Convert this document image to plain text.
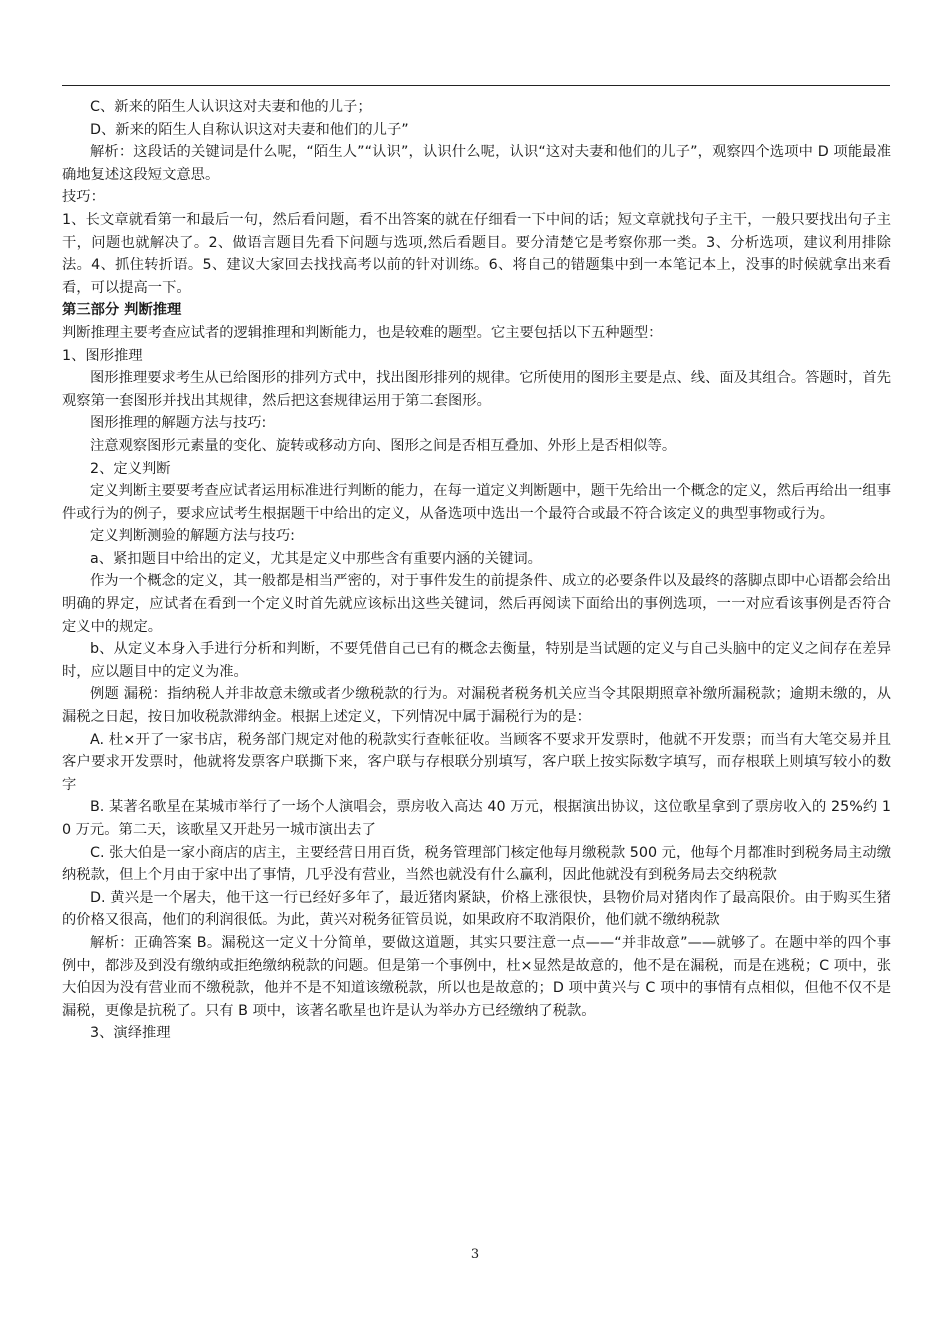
C、新来的陌生人认识这对夫妻和他的儿子；

D、新来的陌生人自称认识这对夫妻和他们的儿子”

解析：这段话的关键词是什么呢，“陌生人”“认识”，认识什么呢，认识“这对夫妻和他们的儿子”，观察四个选项中 D 项能最准确地复述这段短文意思。

技巧：

1、长文章就看第一和最后一句，然后看问题，看不出答案的就在仔细看一下中间的话；短文章就找句子主干，一般只要找出句子主干，问题也就解决了。2、做语言题目先看下问题与选项,然后看题目。要分清楚它是考察你那一类。3、分析选项，建议利用排除法。4、抓住转折语。5、建议大家回去找找高考以前的针对训练。6、将自己的错题集中到一本笔记本上，没事的时候就拿出来看看，可以提高一下。

第三部分 判断推理

判断推理主要考查应试者的逻辑推理和判断能力，也是较难的题型。它主要包括以下五种题型：

1、图形推理

图形推理要求考生从已给图形的排列方式中，找出图形排列的规律。它所使用的图形主要是点、线、面及其组合。答题时，首先观察第一套图形并找出其规律，然后把这套规律运用于第二套图形。

图形推理的解题方法与技巧:

注意观察图形元素量的变化、旋转或移动方向、图形之间是否相互叠加、外形上是否相似等。

2、定义判断

定义判断主要要考查应试者运用标准进行判断的能力，在每一道定义判断题中，题干先给出一个概念的定义，然后再给出一组事件或行为的例子，要求应试考生根据题干中给出的定义，从备选项中选出一个最符合或最不符合该定义的典型事物或行为。

定义判断测验的解题方法与技巧:

a、紧扣题目中给出的定义，尤其是定义中那些含有重要内涵的关键词。

作为一个概念的定义，其一般都是相当严密的，对于事件发生的前提条件、成立的必要条件以及最终的落脚点即中心语都会给出明确的界定，应试者在看到一个定义时首先就应该标出这些关键词，然后再阅读下面给出的事例选项，一一对应看该事例是否符合定义中的规定。

b、从定义本身入手进行分析和判断，不要凭借自己已有的概念去衡量，特别是当试题的定义与自己头脑中的定义之间存在差异时，应以题目中的定义为准。

例题 漏税：指纳税人并非故意未缴或者少缴税款的行为。对漏税者税务机关应当令其限期照章补缴所漏税款；逾期未缴的，从漏税之日起，按日加收税款滞纳金。根据上述定义，下列情况中属于漏税行为的是：

A. 杜×开了一家书店，税务部门规定对他的税款实行查帐征收。当顾客不要求开发票时，他就不开发票；而当有大笔交易并且客户要求开发票时，他就将发票客户联撕下来，客户联与存根联分别填写，客户联上按实际数字填写，而存根联上则填写较小的数字

B. 某著名歌星在某城市举行了一场个人演唱会，票房收入高达 40 万元，根据演出协议，这位歌星拿到了票房收入的 25%约 10 万元。第二天，该歌星又开赴另一城市演出去了

C. 张大伯是一家小商店的店主，主要经营日用百货，税务管理部门核定他每月缴税款 500 元，他每个月都准时到税务局主动缴纳税款，但上个月由于家中出了事情，几乎没有营业，当然也就没有什么赢利，因此他就没有到税务局去交纳税款

D. 黄兴是一个屠夫，他干这一行已经好多年了，最近猪肉紧缺，价格上涨很快，县物价局对猪肉作了最高限价。由于购买生猪的价格又很高，他们的利润很低。为此，黄兴对税务征管员说，如果政府不取消限价，他们就不缴纳税款

解析：正确答案 B。漏税这一定义十分简单，要做这道题，其实只要注意一点——“并非故意”——就够了。在题中举的四个事例中，都涉及到没有缴纳或拒绝缴纳税款的问题。但是第一个事例中，杜×显然是故意的，他不是在漏税，而是在逃税；C 项中，张大伯因为没有营业而不缴税款，他并不是不知道该缴税款，所以也是故意的；D 项中黄兴与 C 项中的事情有点相似，但他不仅不是漏税，更像是抗税了。只有 B 项中，该著名歌星也许是认为举办方已经缴纳了税款。

3、演绎推理

3
